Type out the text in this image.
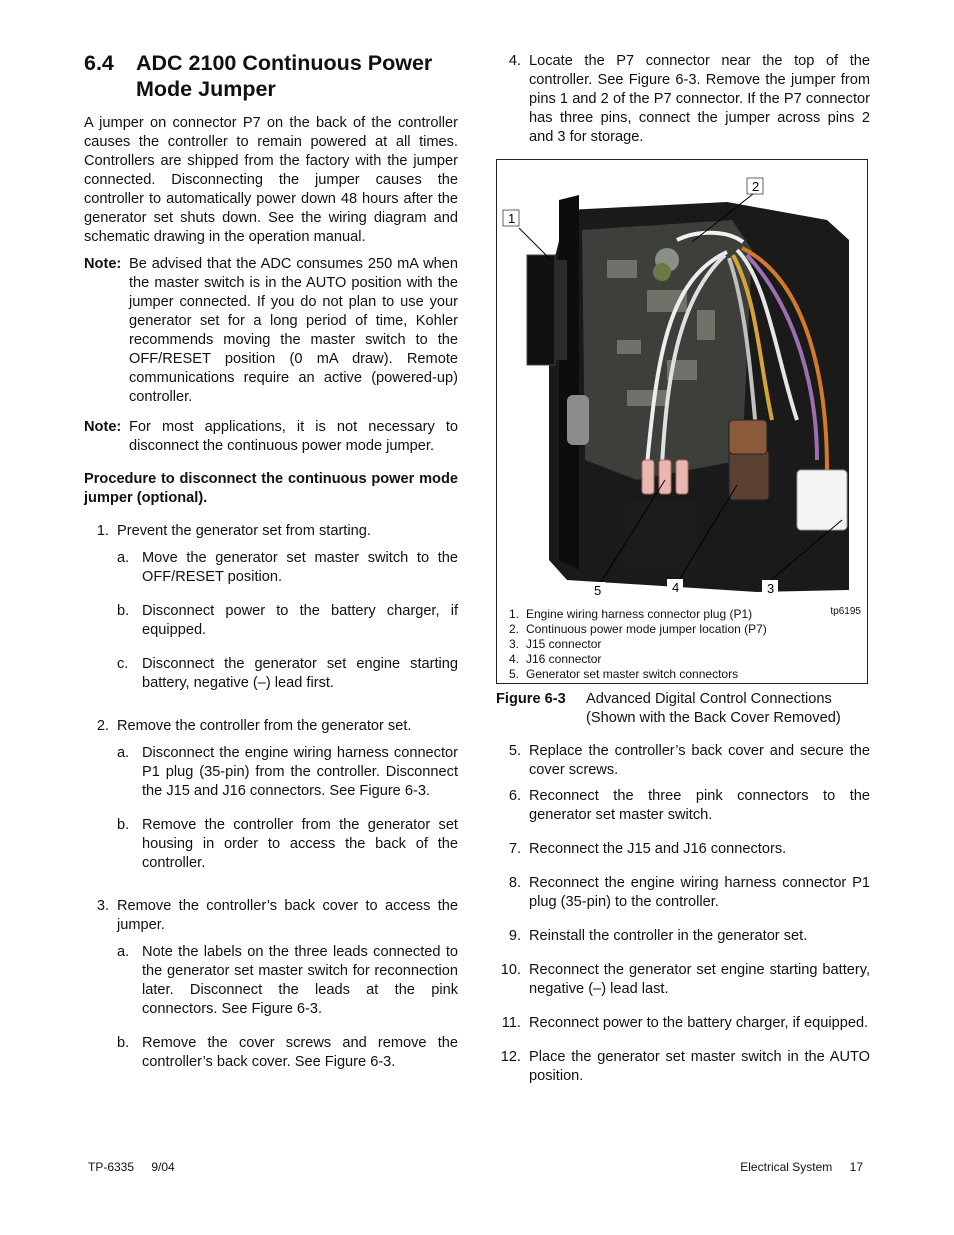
6.4	ADC 2100 Continuous Power Mode Jumper

A jumper on connector P7 on the back of the controller causes the controller to remain powered at all times. Controllers are shipped from the factory with the jumper connected. Disconnecting the jumper causes the controller to automatically power down 48 hours after the generator set shuts down. See the wiring diagram and schematic drawing in the operation manual.

Note: Be advised that the ADC consumes 250 mA when the master switch is in the AUTO position with the jumper connected. If you do not plan to use your generator set for a long period of time, Kohler recommends moving the master switch to the OFF/RESET position (0 mA draw). Remote communications require an active (powered-up) controller.
Note: For most applications, it is not necessary to disconnect the continuous power mode jumper.

Procedure to disconnect the continuous power mode jumper (optional).

1. Prevent the generator set from starting.
a. Move the generator set master switch to the OFF/RESET position.
b. Disconnect power to the battery charger, if equipped.
c. Disconnect the generator set engine starting battery, negative (–) lead first.
2. Remove the controller from the generator set.
a. Disconnect the engine wiring harness connector P1 plug (35-pin) from the controller. Disconnect the J15 and J16 connectors. See Figure 6-3.
b. Remove the controller from the generator set housing in order to access the back of the controller.
3. Remove the controller’s back cover to access the jumper.
a. Note the labels on the three leads connected to the generator set master switch for reconnection later. Disconnect the leads at the pink connectors. See Figure 6-3.
b. Remove the cover screws and remove the controller’s back cover. See Figure 6-3.
4. Locate the P7 connector near the top of the controller. See Figure 6-3. Remove the jumper from pins 1 and 2 of the P7 connector. If the P7 connector has three pins, connect the jumper across pins 2 and 3 for storage.
1
2
3
4
5
tp6195
1. Engine wiring harness connector plug (P1)
2. Continuous power mode jumper location (P7)
3. J15 connector
4. J16 connector
5. Generator set master switch connectors
Figure 6-3	Advanced Digital Control Connections (Shown with the Back Cover Removed)
5. Replace the controller’s back cover and secure the cover screws.
6. Reconnect the three pink connectors to the generator set master switch.
7. Reconnect the J15 and J16 connectors.
8. Reconnect the engine wiring harness connector P1 plug (35-pin) to the controller.
9. Reinstall the controller in the generator set.
10. Reconnect the generator set engine starting battery, negative (–) lead last.
11. Reconnect power to the battery charger, if equipped.
12. Place the generator set master switch in the AUTO position.
TP-6335 9/04	Electrical System 17
